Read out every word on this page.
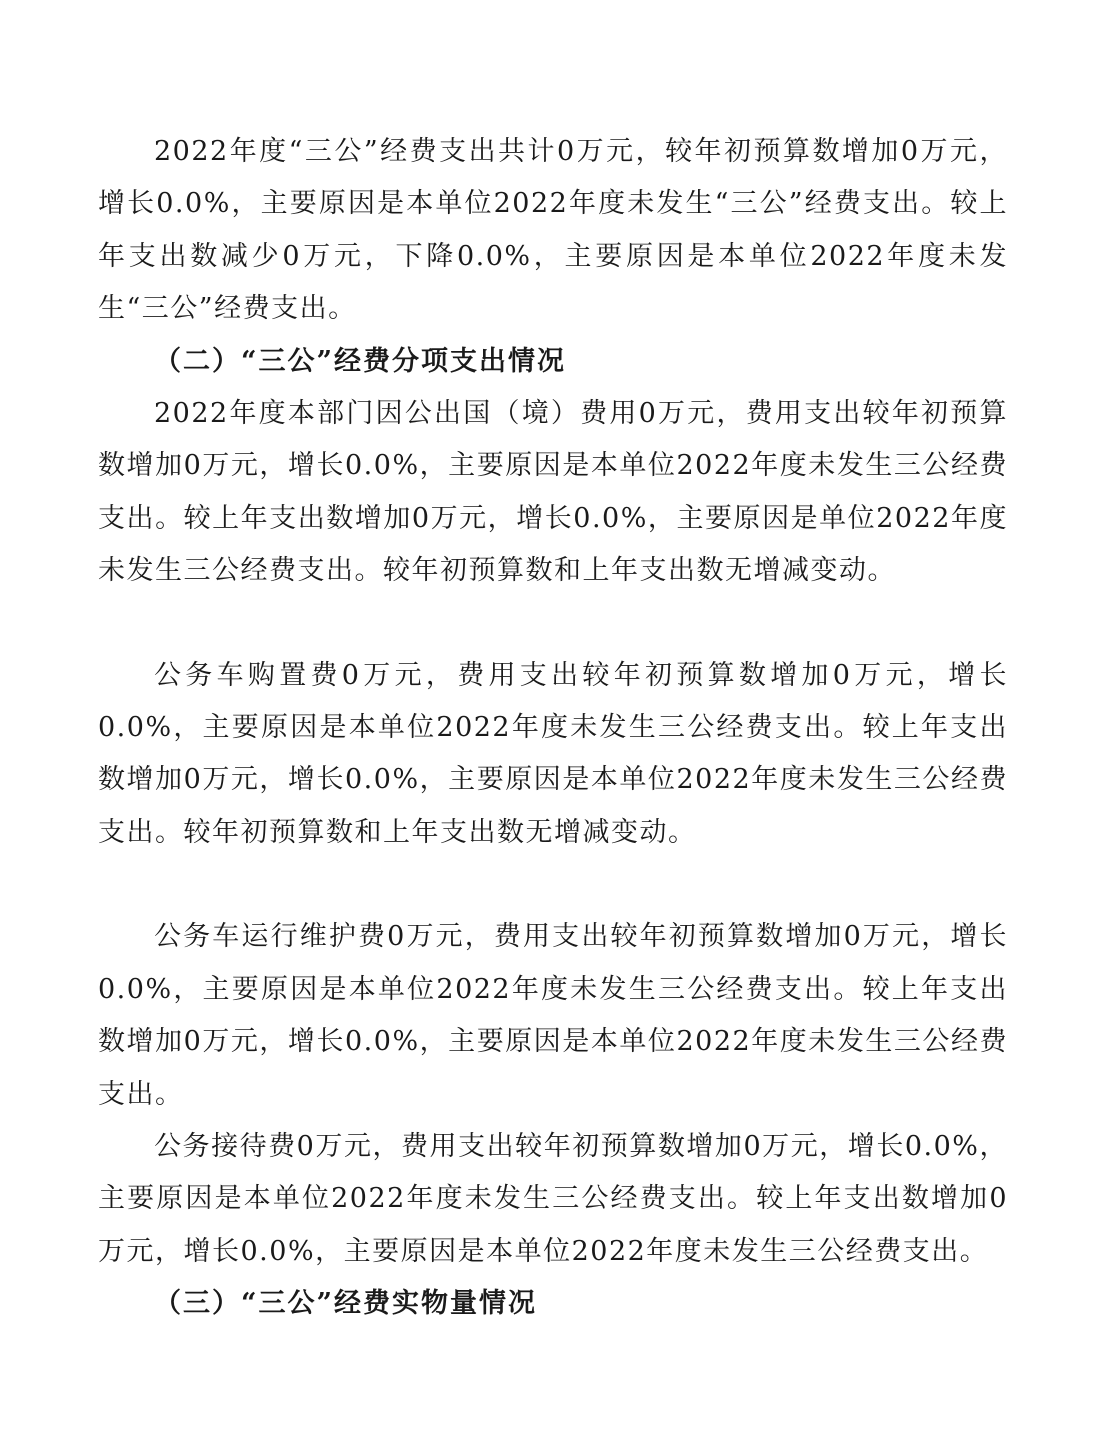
2022年度“三公”经费支出共计0万元，较年初预算数增加0万元，增长0.0%，主要原因是本单位2022年度未发生“三公”经费支出。较上年支出数减少0万元，下降0.0%，主要原因是本单位2022年度未发生“三公”经费支出。

（二）“三公”经费分项支出情况

2022年度本部门因公出国（境）费用0万元，费用支出较年初预算数增加0万元，增长0.0%，主要原因是本单位2022年度未发生三公经费支出。较上年支出数增加0万元，增长0.0%，主要原因是单位2022年度未发生三公经费支出。较年初预算数和上年支出数无增减变动。

公务车购置费0万元，费用支出较年初预算数增加0万元，增长0.0%，主要原因是本单位2022年度未发生三公经费支出。较上年支出数增加0万元，增长0.0%，主要原因是本单位2022年度未发生三公经费支出。较年初预算数和上年支出数无增减变动。

公务车运行维护费0万元，费用支出较年初预算数增加0万元，增长0.0%，主要原因是本单位2022年度未发生三公经费支出。较上年支出数增加0万元，增长0.0%，主要原因是本单位2022年度未发生三公经费支出。

公务接待费0万元，费用支出较年初预算数增加0万元，增长0.0%，主要原因是本单位2022年度未发生三公经费支出。较上年支出数增加0万元，增长0.0%，主要原因是本单位2022年度未发生三公经费支出。

（三）“三公”经费实物量情况
